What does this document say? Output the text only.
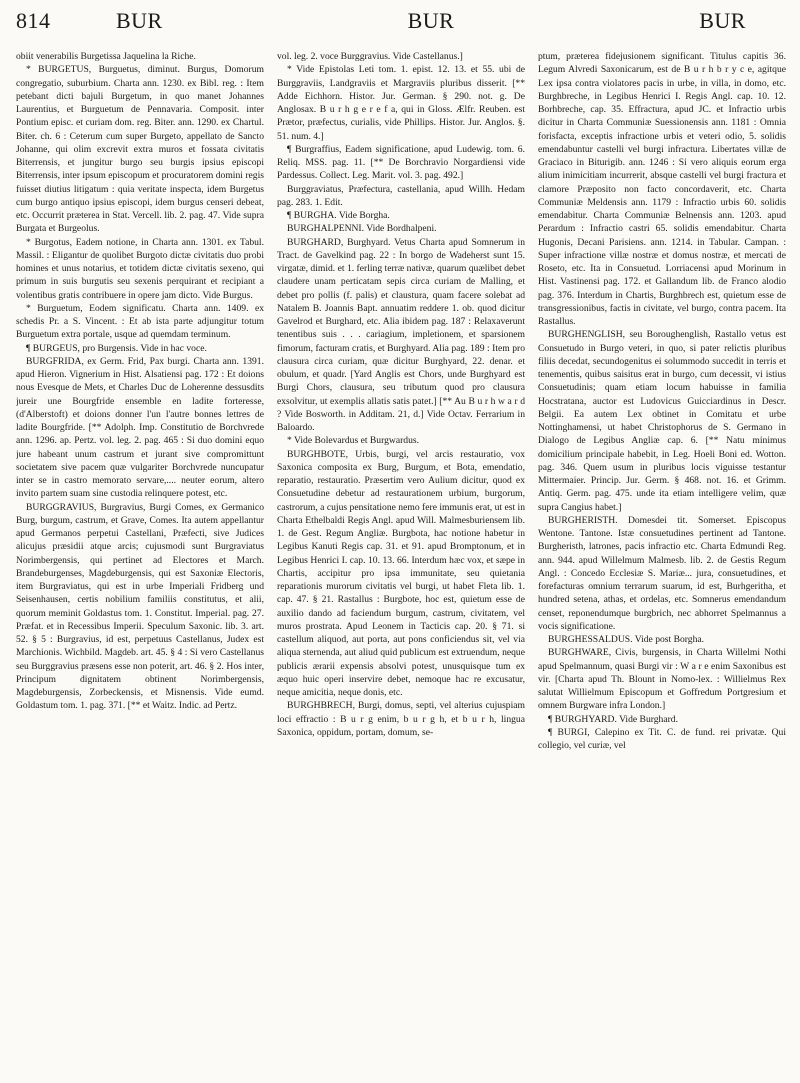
814	BUR	BUR	BUR

obiit venerabilis Burgetissa Jaquelina la Riche.

* BURGETUS, Burguetus, diminut. Burgus, Domorum congregatio, suburbium. Charta ann. 1230. ex Bibl. reg. : Item petebant dicti bajuli Burgetum, in quo manet Johannes Laurentius, et Burguetum de Pennavaria. Composit. inter Pontium episc. et curiam dom. reg. Biter. ann. 1290. ex Chartul. Biter. ch. 6 : Ceterum cum super Burgeto, appellato de Sancto Johanne, qui olim excrevit extra muros et fossata civitatis Biterrensis, et jungitur burgo seu burgis ipsius episcopi Biterrensis, inter ipsum episcopum et procuratorem domini regis fuisset diutius litigatum : quia veritate inspecta, idem Burgetus cum burgo antiquo ipsius episcopi, idem burgus censeri debeat, etc. Occurrit præterea in Stat. Vercell. lib. 2. pag. 47. Vide supra Burgata et Burgeolus.

* Burgotus, Eadem notione, in Charta ann. 1301. ex Tabul. Massil. : Eligantur de quolibet Burgoto dictæ civitatis duo probi homines et unus notarius, et totidem dictæ civitatis sexeno, qui primum in suis burgutis seu sexenis perquirant et recipiant a volentibus gratis contribuere in opere jam dicto. Vide Burgus.

* Burguetum, Eodem significatu. Charta ann. 1409. ex schedis Pr. a S. Vincent. : Et ab ista parte adjungitur totum Burguetum extra portale, usque ad quemdam terminum.

¶ BURGEUS, pro Burgensis. Vide in hac voce.

BURGFRIDA, ex Germ. Frid, Pax burgi. Charta ann. 1391. apud Hieron. Vignerium in Hist. Alsatiensi pag. 172 : Et doions nous Evesque de Mets, et Charles Duc de Loherenne dessusdits jureir une Bourgfride ensemble en ladite forteresse, (d'Alberstoft) et doions donner l'un l'autre bonnes lettres de ladite Bourgfride. [** Adolph. Imp. Constitutio de Borchvrede ann. 1296. ap. Pertz. vol. leg. 2. pag. 465 : Si duo domini equo jure habeant unum castrum et jurant sive compromittunt societatem sive pacem quæ vulgariter Borchvrede nuncupatur inter se in castro memorato servare,.... neuter eorum, altero invito partem suam sine custodia relinquere potest, etc.

BURGGRAVIUS, Burgravius, Burgi Comes, ex Germanico Burg, burgum, castrum, et Grave, Comes. Ita autem appellantur apud Germanos perpetui Castellani, Præfecti, sive Judices alicujus præsidii atque arcis; cujusmodi sunt Burgraviatus Norimbergensis, qui pertinet ad Electores et March. Brandeburgenses, Magdeburgensis, qui est Saxoniæ Electoris, item Burgraviatus, qui est in urbe Imperiali Fridberg und Seisenhausen, certis nobilium familiis constitutus, et alii, quorum meminit Goldastus tom. 1. Constitut. Imperial. pag. 27. Præfat. et in Recessibus Imperii. Speculum Saxonic. lib. 3. art. 52. § 5 : Burgravius, id est, perpetuus Castellanus, Judex est Marchionis. Wichbild. Magdeb. art. 45. § 4 : Si vero Castellanus seu Burggravius præsens esse non poterit, art. 46. § 2. Hos inter, Principum dignitatem obtinent Norimbergensis, Magdeburgensis, Zorbeckensis, et Misnensis. Vide eumd. Goldastum tom. 1. pag. 371. [** et Waitz. Indic. ad Pertz.

vol. leg. 2. voce Burggravius. Vide Castellanus.]

* Vide Epistolas Leti tom. 1. epist. 12. 13. et 55. ubi de Burggraviis, Landgraviis et Margraviis pluribus disserit. [** Adde Eichhorn. Histor. Jur. German. § 290. not. g. De Anglosax. B u r h g e r e f a, qui in Gloss. Ælfr. Reuben. est Prætor, præfectus, curialis, vide Phillips. Histor. Jur. Anglos. §. 51. num. 4.]

¶ Burgraffius, Eadem significatione, apud Ludewig. tom. 6. Reliq. MSS. pag. 11. [** De Borchravio Norgardiensi vide Pardessus. Collect. Leg. Marit. vol. 3. pag. 492.]

Burggraviatus, Præfectura, castellania, apud Willh. Hedam pag. 283. 1. Edit.

¶ BURGHA. Vide Borgha.

BURGHALPENNI. Vide Bordhalpeni.

BURGHARD, Burghyard. Vetus Charta apud Somnerum in Tract. de Gavelkind pag. 22 : In borgo de Wadeherst sunt 15. virgatæ, dimid. et 1. ferling terræ nativæ, quarum quælibet debet claudere unam perticatam sepis circa curiam de Malling, et debet pro pollis (f. palis) et claustura, quam facere solebat ad Natalem B. Joannis Bapt. annuatim reddere 1. ob. quod dicitur Gavelrod et Burghard, etc. Alia ibidem pag. 187 : Relaxaverunt tenentibus suis . . . cariagium, impletionem, et sparsionem fimorum, facturam cratis, et Burghyard. Alia pag. 189 : Item pro clausura circa curiam, quæ dicitur Burghyard, 22. denar. et obulum, et quadr. [Yard Anglis est Chors, unde Burghyard est Burgi Chors, clausura, seu tributum quod pro clausura exsolvitur, ut exemplis allatis satis patet.] [** Au B u r h w a r d ? Vide Bosworth. in Additam. 21, d.] Vide Octav. Ferrarium in Baloardo.

* Vide Bolevardus et Burgwardus.

BURGHBOTE, Urbis, burgi, vel arcis restauratio, vox Saxonica composita ex Burg, Burgum, et Bota, emendatio, reparatio, restauratio. Præsertim vero Aulium dicitur, quod ex Consuetudine debetur ad restaurationem urbium, burgorum, castrorum, a cujus pensitatione nemo fere immunis erat, ut est in Charta Ethelbaldi Regis Angl. apud Will. Malmesburiensem lib. 1. de Gest. Regum Angliæ. Burgbota, hac notione habetur in Legibus Kanuti Regis cap. 31. et 91. apud Bromptonum, et in Legibus Henrici I. cap. 10. 13. 66. Interdum hæc vox, et sæpe in Chartis, accipitur pro ipsa immunitate, seu quietania reparationis murorum civitatis vel burgi, ut habet Fleta lib. 1. cap. 47. § 21. Rastallus : Burgbote, hoc est, quietum esse de auxilio dando ad faciendum burgum, castrum, civitatem, vel muros prostrata. Apud Leonem in Tacticis cap. 20. § 71. si castellum aliquod, aut porta, aut pons conficiendus sit, vel via aliqua sternenda, aut aliud quid publicum est extruendum, neque publicis ærarii expensis absolvi potest, unusquisque tum ex æquo huic operi inservire debet, nemoque hac re excusatur, neque amicitia, neque donis, etc.

BURGHBRECH, Burgi, domus, septi, vel alterius cujuspiam loci effractio : B u r g enim, b u r g h, et b u r h, lingua Saxonica, oppidum, portam, domum, se-

ptum, præterea fidejusionem significant. Titulus capitis 36. Legum Alvredi Saxonicarum, est de B u r h b r y c e, agitque Lex ipsa contra violatores pacis in urbe, in villa, in domo, etc. Burghbreche, in Legibus Henrici I. Regis Angl. cap. 10. 12. Borhbreche, cap. 35. Effractura, apud JC. et Infractio urbis dicitur in Charta Communiæ Suessionensis ann. 1181 : Omnia forisfacta, exceptis infractione urbis et veteri odio, 5. solidis emendabuntur castelli vel burgi infractura. Libertates villæ de Graciaco in Biturigib. ann. 1246 : Si vero aliquis eorum erga alium inimicitiam incurrerit, absque castelli vel burgi fractura et clamore Præposito non facto concordaverit, etc. Charta Communiæ Meldensis ann. 1179 : Infractio urbis 60. solidis emendabitur. Charta Communiæ Belnensis ann. 1203. apud Perardum : Infractio castri 65. solidis emendabitur. Charta Hugonis, Decani Parisiens. ann. 1214. in Tabular. Campan. : Super infractione villæ nostræ et domus nostræ, et mercati de Roseto, etc. Ita in Consuetud. Lorriacensi apud Morinum in Hist. Vastinensi pag. 172. et Gallandum lib. de Franco alodio pag. 376. Interdum in Chartis, Burghbrech est, quietum esse de transgressionibus, factis in civitate, vel burgo, contra pacem. Ita Rastallus.

BURGHENGLISH, seu Boroughenglish, Rastallo vetus est Consuetudo in Burgo veteri, in quo, si pater relictis pluribus filiis decedat, secundogenitus ei solummodo succedit in terris et tenementis, quibus saisitus erat in burgo, cum decessit, vi istius Consuetudinis; quam etiam locum habuisse in familia Hocstratana, auctor est Ludovicus Guicciardinus in Descr. Belgii. Ea autem Lex obtinet in Comitatu et urbe Nottinghamensi, ut habet Christophorus de S. Germano in Dialogo de Legibus Angliæ cap. 6. [** Natu minimus domicilium principale habebit, in Leg. Hoeli Boni ed. Wotton. pag. 346. Quem usum in pluribus locis viguisse testantur Mittermaier. Princip. Jur. Germ. § 468. not. 16. et Grimm. Antiq. Germ. pag. 475. unde ita etiam intelligere velim, quæ supra Cangius habet.]

BURGHERISTH. Domesdei tit. Somerset. Episcopus Wentone. Tantone. Istæ consuetudines pertinent ad Tantone. Burgheristh, latrones, pacis infractio etc. Charta Edmundi Reg. ann. 944. apud Willelmum Malmesb. lib. 2. de Gestis Regum Angl. : Concedo Ecclesiæ S. Mariæ... jura, consuetudines, et forefacturas omnium terrarum suarum, id est, Burhgeritha, et hundred setena, athas, et ordelas, etc. Somnerus emendandum censet, reponendumque burgbrich, nec abhorret Spelmannus a vocis significatione.

BURGHESSALDUS. Vide post Borgha.

BURGHWARE, Civis, burgensis, in Charta Willelmi Nothi apud Spelmannum, quasi Burgi vir : W a r e enim Saxonibus est vir. [Charta apud Th. Blount in Nomo-lex. : Willielmus Rex salutat Willielmum Episcopum et Goffredum Portgresium et omnem Burgware infra London.]

¶ BURGHYARD. Vide Burghard.

¶ BURGI, Calepino ex Tit. C. de fund. rei privatæ. Qui collegio, vel curiæ, vel
